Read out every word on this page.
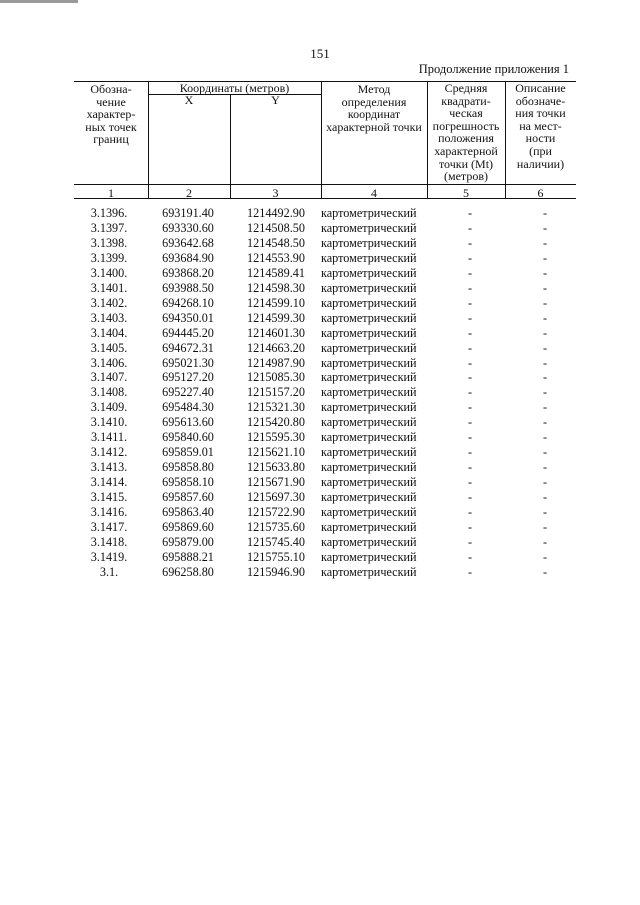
151
Продолжение приложения 1
Обозна-
чение
характер-
ных точек
границ
Координаты (метров)
X	Y
Метод
определения
координат
характерной точки
Средняя
квадрати-
ческая
погрешность
положения
характерной
точки (Mt)
(метров)
Описание
обозначе-
ния точки
на мест-
ности
(при
наличии)
1	2	3	4	5	6
3.1396.	693191.40	1214492.90	картометрический	-	-
3.1397.	693330.60	1214508.50	картометрический	-	-
3.1398.	693642.68	1214548.50	картометрический	-	-
3.1399.	693684.90	1214553.90	картометрический	-	-
3.1400.	693868.20	1214589.41	картометрический	-	-
3.1401.	693988.50	1214598.30	картометрический	-	-
3.1402.	694268.10	1214599.10	картометрический	-	-
3.1403.	694350.01	1214599.30	картометрический	-	-
3.1404.	694445.20	1214601.30	картометрический	-	-
3.1405.	694672.31	1214663.20	картометрический	-	-
3.1406.	695021.30	1214987.90	картометрический	-	-
3.1407.	695127.20	1215085.30	картометрический	-	-
3.1408.	695227.40	1215157.20	картометрический	-	-
3.1409.	695484.30	1215321.30	картометрический	-	-
3.1410.	695613.60	1215420.80	картометрический	-	-
3.1411.	695840.60	1215595.30	картометрический	-	-
3.1412.	695859.01	1215621.10	картометрический	-	-
3.1413.	695858.80	1215633.80	картометрический	-	-
3.1414.	695858.10	1215671.90	картометрический	-	-
3.1415.	695857.60	1215697.30	картометрический	-	-
3.1416.	695863.40	1215722.90	картометрический	-	-
3.1417.	695869.60	1215735.60	картометрический	-	-
3.1418.	695879.00	1215745.40	картометрический	-	-
3.1419.	695888.21	1215755.10	картометрический	-	-
3.1.	696258.80	1215946.90	картометрический	-	-
